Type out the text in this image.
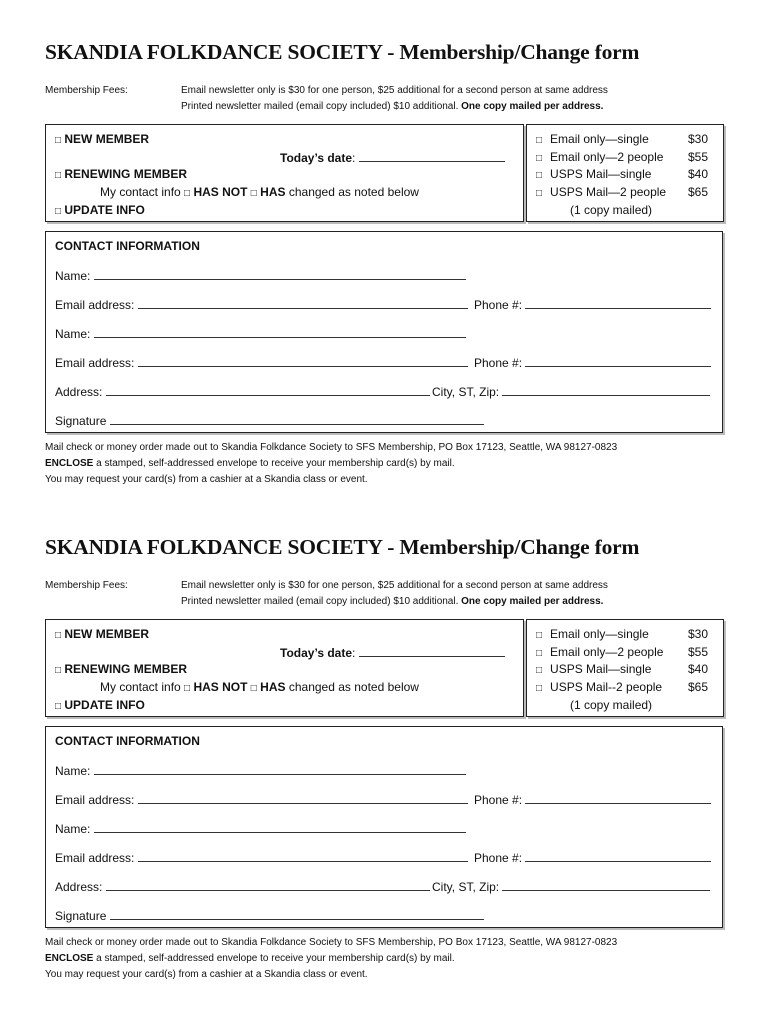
SKANDIA FOLKDANCE SOCIETY - Membership/Change form
Membership Fees:	Email newsletter only is $30 for one person, $25 additional for a second person at same address
Printed newsletter mailed (email copy included) $10 additional. One copy mailed per address.
□ NEW MEMBER
Today’s date:
□ RENEWING MEMBER
My contact info □ HAS NOT □ HAS changed as noted below
□ UPDATE INFO
□ Email only—single	$30
□ Email only—2 people $55
□ USPS Mail—single	$40
□ USPS Mail—2 people $65
(1 copy mailed)
CONTACT INFORMATION
Name:
Email address:	Phone #:
Name:
Email address:	Phone #:
Address:	City, ST, Zip:
Signature
Mail check or money order made out to Skandia Folkdance Society to SFS Membership, PO Box 17123, Seattle, WA 98127-0823
ENCLOSE a stamped, self-addressed envelope to receive your membership card(s) by mail.
You may request your card(s) from a cashier at a Skandia class or event.
SKANDIA FOLKDANCE SOCIETY - Membership/Change form
Membership Fees:	Email newsletter only is $30 for one person, $25 additional for a second person at same address
Printed newsletter mailed (email copy included) $10 additional. One copy mailed per address.
□ NEW MEMBER
Today’s date:
□ RENEWING MEMBER
My contact info □ HAS NOT □ HAS changed as noted below
□ UPDATE INFO
□ Email only—single	$30
□ Email only—2 people $55
□ USPS Mail—single	$40
□ USPS Mail--2 people $65
(1 copy mailed)
CONTACT INFORMATION
Name:
Email address:	Phone #:
Name:
Email address:	Phone #:
Address:	City, ST, Zip:
Signature
Mail check or money order made out to Skandia Folkdance Society to SFS Membership, PO Box 17123, Seattle, WA 98127-0823
ENCLOSE a stamped, self-addressed envelope to receive your membership card(s) by mail.
You may request your card(s) from a cashier at a Skandia class or event.
